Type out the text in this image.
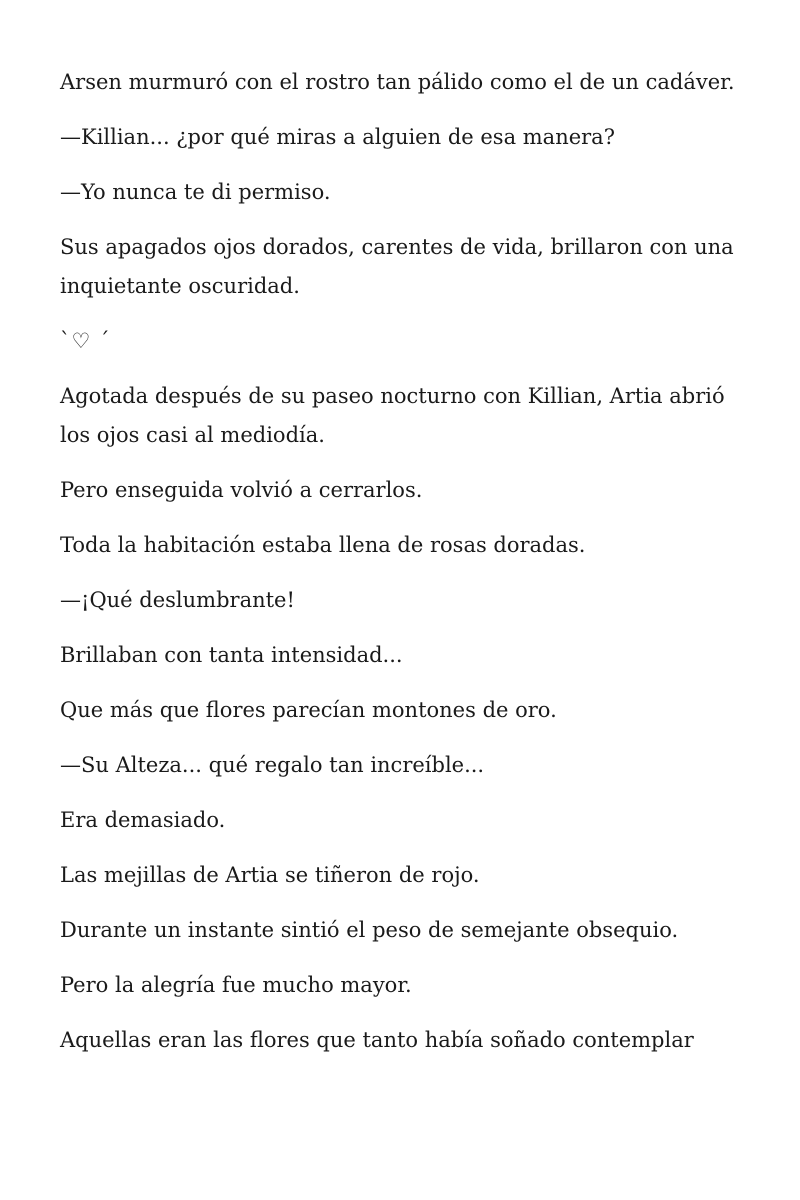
Arsen murmuró con el rostro tan pálido como el de un cadáver.

—Killian... ¿por qué miras a alguien de esa manera?

—Yo nunca te di permiso.

Sus apagados ojos dorados, carentes de vida, brillaron con una inquietante oscuridad.

⁠`⁠♡ ⁠´⁠

Agotada después de su paseo nocturno con Killian, Artia abrió los ojos casi al mediodía.

Pero enseguida volvió a cerrarlos.

Toda la habitación estaba llena de rosas doradas.

—¡Qué deslumbrante!

Brillaban con tanta intensidad...

Que más que flores parecían montones de oro.

—Su Alteza... qué regalo tan increíble...

Era demasiado.

Las mejillas de Artia se tiñeron de rojo.

Durante un instante sintió el peso de semejante obsequio.

Pero la alegría fue mucho mayor.

Aquellas eran las flores que tanto había soñado contemplar
